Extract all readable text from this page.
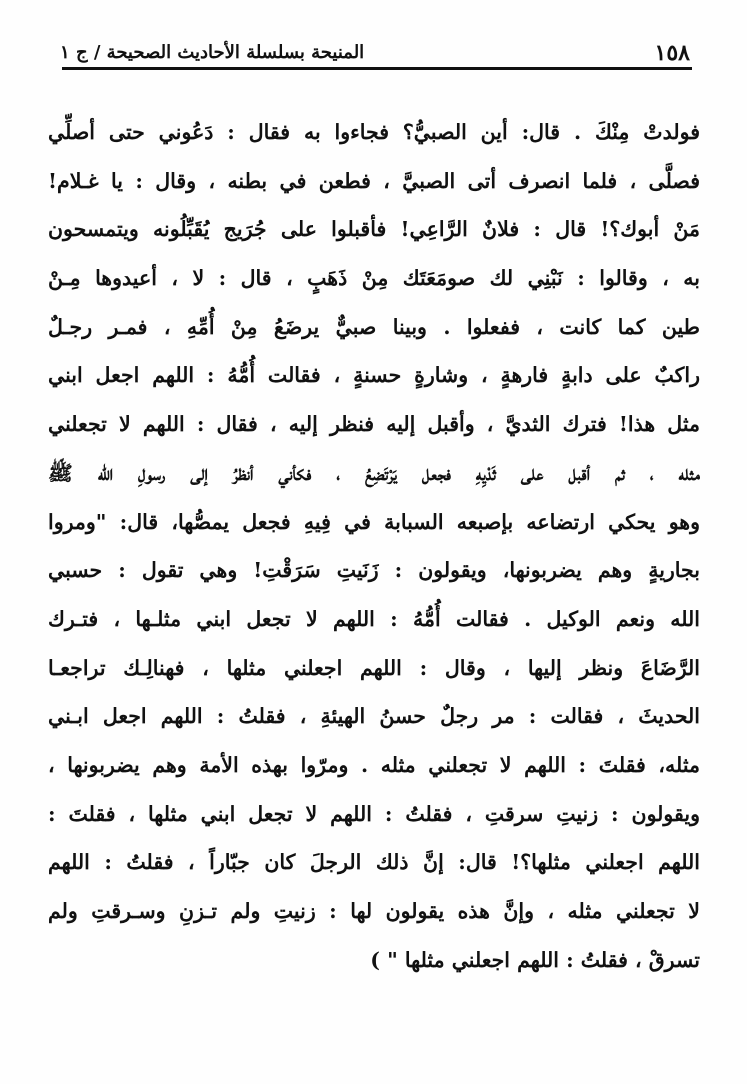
١٥٨
المنيحة بسلسلة الأحاديث الصحيحة / ج ١
فولدتْ مِنْكَ . قال: أين الصبيُّ؟ فجاءوا به فقال : دَعُوني حتى أصلِّي
فصلَّى ، فلما انصرف أتى الصبيَّ ، فطعن في بطنه ، وقال : يا غـلام!
مَنْ أبوك؟! قال : فلانٌ الرَّاعِي! فأقبلوا على جُرَيج يُقَبِّلُونه ويتمسحون
به ، وقالوا : نَبْنِي لك صومَعَتَك مِنْ ذَهَبٍ ، قال : لا ، أعيدوها مِـنْ
طين كما كانت ، ففعلوا . وبينا صبيٌّ يرضَعُ مِنْ أُمِّهِ ، فمـر رجـلٌ
راكبٌ على دابةٍ فارهةٍ ، وشارةٍ حسنةٍ ، فقالت أُمُّهُ : اللهم اجعل ابني
مثل هذا! فترك الثديَّ ، وأقبل إليه فنظر إليه ، فقال : اللهم لا تجعلني
مثله ، ثم أقبل على ثَدْيِهِ فجعل يَرْتَضِعُ ، فكأني أنظرُ إلى رسولِ الله ﷺ
وهو يحكي ارتضاعه بإصبعه السبابة في فِيهِ فجعل يمصُّها، قال: "ومروا
بجاريةٍ وهم يضربونها، ويقولون : زَنَيتِ سَرَقْتِ! وهي تقول : حسبي
الله ونعم الوكيل . فقالت أُمُّهُ : اللهم لا تجعل ابني مثلـها ، فتـرك
الرَّضَاعَ ونظر إليها ، وقال : اللهم اجعلني مثلها ، فهنالِـك تراجعـا
الحديثَ ، فقالت : مر رجلٌ حسنُ الهيئةِ ، فقلتُ : اللهم اجعل ابـني
مثله، فقلتَ : اللهم لا تجعلني مثله . ومرّوا بهذه الأمة وهم يضربونها ،
ويقولون : زنيتِ سرقتِ ، فقلتُ : اللهم لا تجعل ابني مثلها ، فقلتَ :
اللهم اجعلني مثلها؟! قال: إنَّ ذلك الرجلَ كان جبّاراً ، فقلتُ : اللهم
لا تجعلني مثله ، وإنَّ هذه يقولون لها : زنيتِ ولم تـزنِ وسـرقتِ ولم
تسرقْ ، فقلتُ : اللهم اجعلني مثلها " )
